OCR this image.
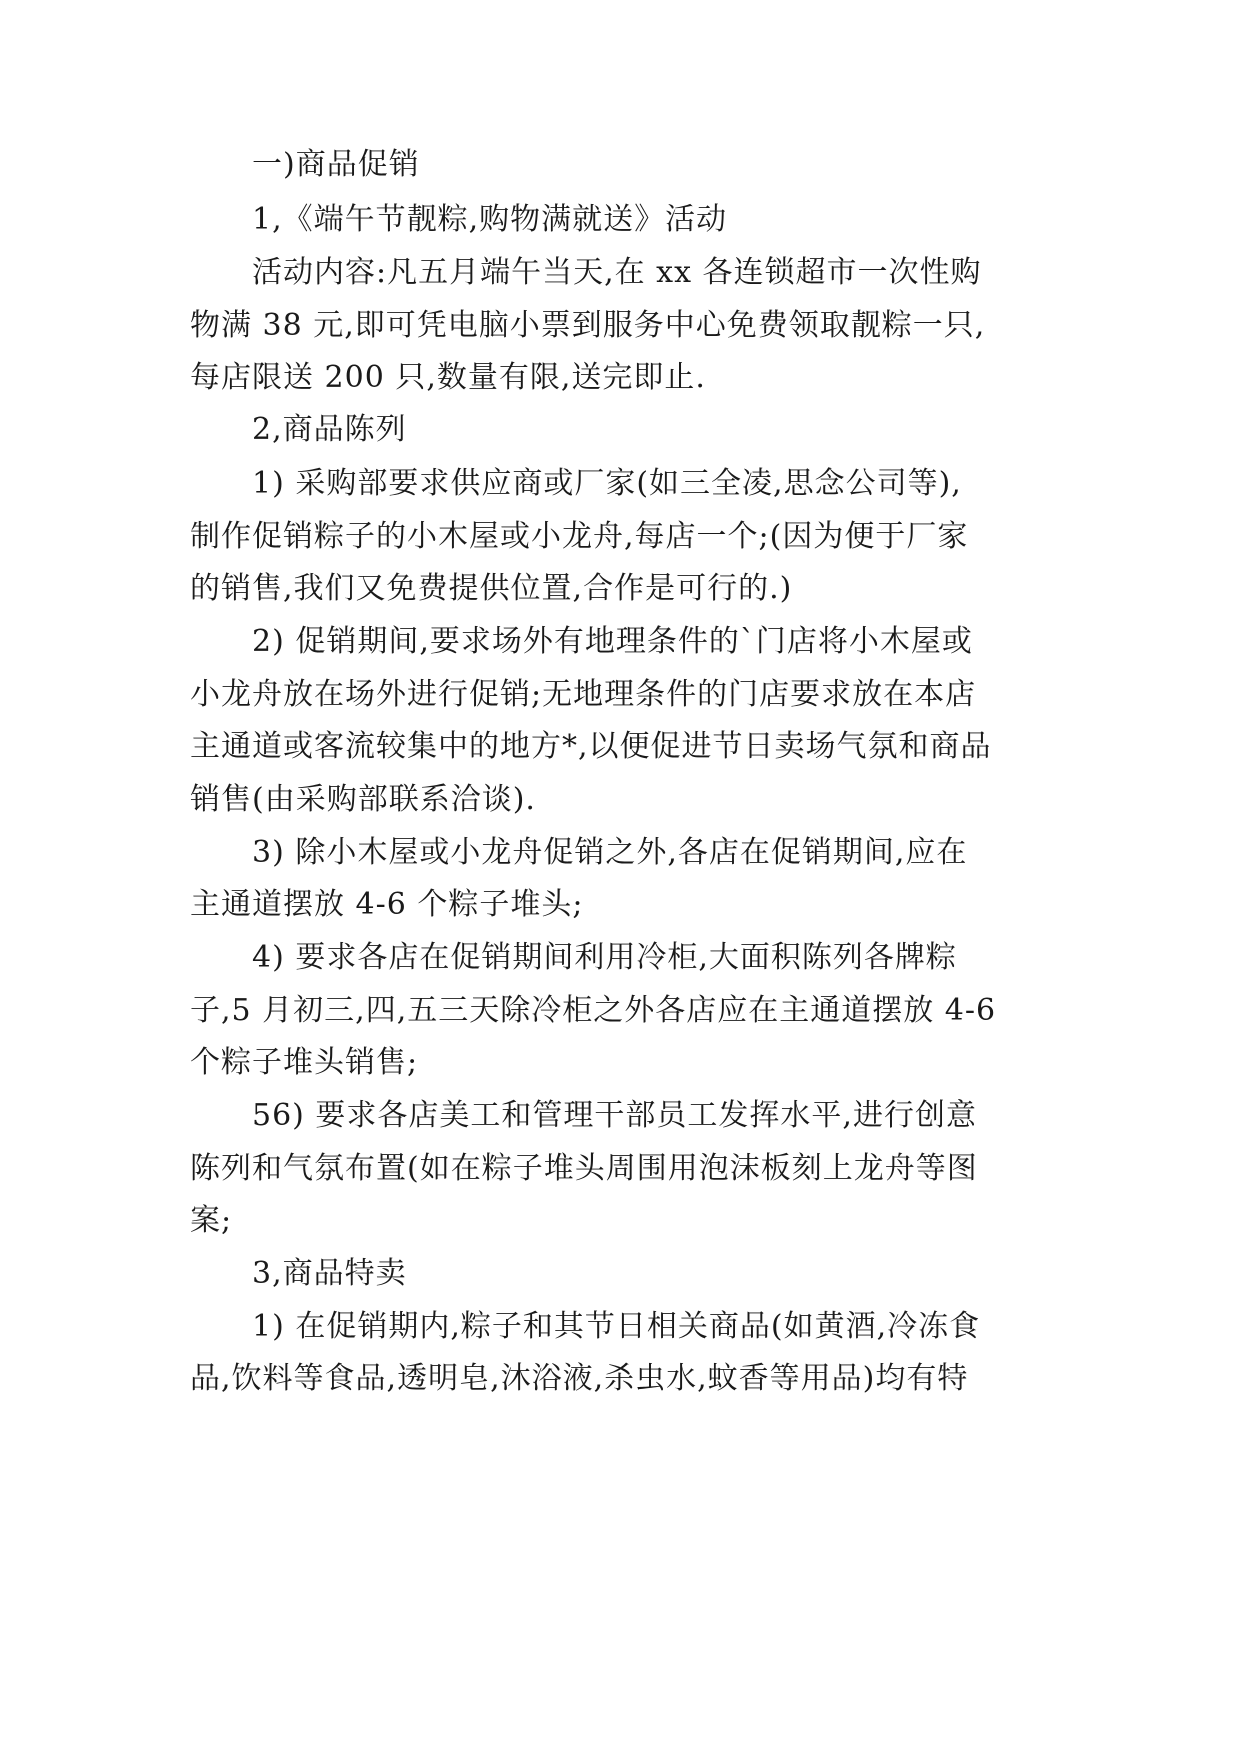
一)商品促销
1,《端午节靓粽,购物满就送》活动
活动内容:凡五月端午当天,在 xx 各连锁超市一次性购
物满 38 元,即可凭电脑小票到服务中心免费领取靓粽一只,
每店限送 200 只,数量有限,送完即止.
2,商品陈列
1) 采购部要求供应商或厂家(如三全凌,思念公司等),
制作促销粽子的小木屋或小龙舟,每店一个;(因为便于厂家
的销售,我们又免费提供位置,合作是可行的.)
2) 促销期间,要求场外有地理条件的`门店将小木屋或
小龙舟放在场外进行促销;无地理条件的门店要求放在本店
主通道或客流较集中的地方*,以便促进节日卖场气氛和商品
销售(由采购部联系洽谈).
3) 除小木屋或小龙舟促销之外,各店在促销期间,应在
主通道摆放 4-6 个粽子堆头;
4) 要求各店在促销期间利用冷柜,大面积陈列各牌粽
子,5 月初三,四,五三天除冷柜之外各店应在主通道摆放 4-6
个粽子堆头销售;
56) 要求各店美工和管理干部员工发挥水平,进行创意
陈列和气氛布置(如在粽子堆头周围用泡沫板刻上龙舟等图
案;
3,商品特卖
1) 在促销期内,粽子和其节日相关商品(如黄酒,冷冻食
品,饮料等食品,透明皂,沐浴液,杀虫水,蚊香等用品)均有特
